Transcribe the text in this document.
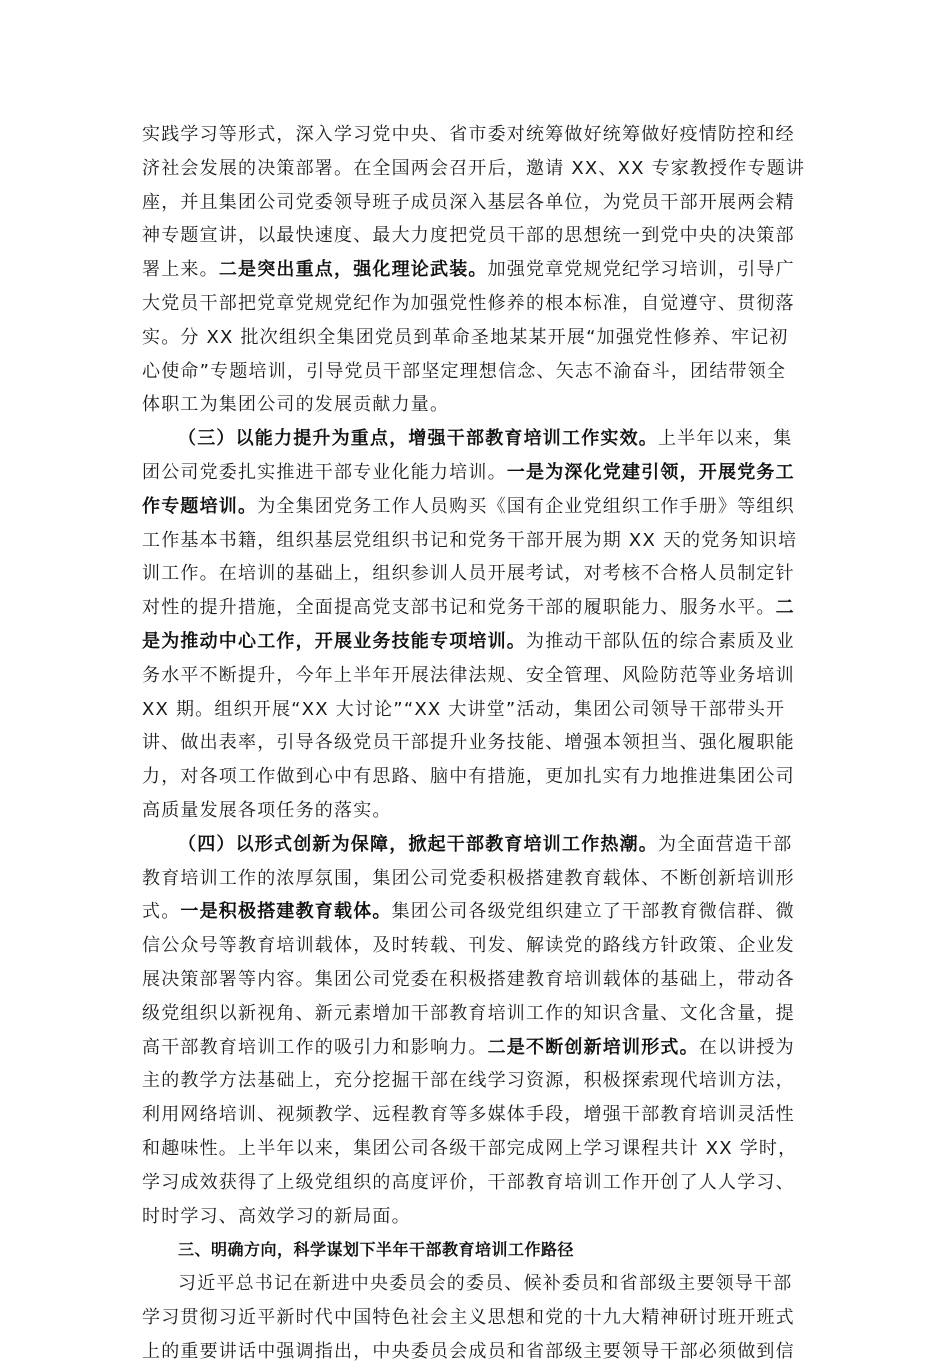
实践学习等形式，深入学习党中央、省市委对统筹做好统筹做好疫情防控和经
济社会发展的决策部署。在全国两会召开后，邀请 XX、XX 专家教授作专题讲
座，并且集团公司党委领导班子成员深入基层各单位，为党员干部开展两会精
神专题宣讲，以最快速度、最大力度把党员干部的思想统一到党中央的决策部
署上来。二是突出重点，强化理论武装。加强党章党规党纪学习培训，引导广
大党员干部把党章党规党纪作为加强党性修养的根本标准，自觉遵守、贯彻落
实。分 XX 批次组织全集团党员到革命圣地某某开展“加强党性修养、牢记初
心使命”专题培训，引导党员干部坚定理想信念、矢志不渝奋斗，团结带领全
体职工为集团公司的发展贡献力量。
（三）以能力提升为重点，增强干部教育培训工作实效。上半年以来，集
团公司党委扎实推进干部专业化能力培训。一是为深化党建引领，开展党务工
作专题培训。为全集团党务工作人员购买《国有企业党组织工作手册》等组织
工作基本书籍，组织基层党组织书记和党务干部开展为期 XX 天的党务知识培
训工作。在培训的基础上，组织参训人员开展考试，对考核不合格人员制定针
对性的提升措施，全面提高党支部书记和党务干部的履职能力、服务水平。二
是为推动中心工作，开展业务技能专项培训。为推动干部队伍的综合素质及业
务水平不断提升，今年上半年开展法律法规、安全管理、风险防范等业务培训
XX 期。组织开展“XX 大讨论”“XX 大讲堂”活动，集团公司领导干部带头开
讲、做出表率，引导各级党员干部提升业务技能、增强本领担当、强化履职能
力，对各项工作做到心中有思路、脑中有措施，更加扎实有力地推进集团公司
高质量发展各项任务的落实。
（四）以形式创新为保障，掀起干部教育培训工作热潮。为全面营造干部
教育培训工作的浓厚氛围，集团公司党委积极搭建教育载体、不断创新培训形
式。一是积极搭建教育载体。集团公司各级党组织建立了干部教育微信群、微
信公众号等教育培训载体，及时转载、刊发、解读党的路线方针政策、企业发
展决策部署等内容。集团公司党委在积极搭建教育培训载体的基础上，带动各
级党组织以新视角、新元素增加干部教育培训工作的知识含量、文化含量，提
高干部教育培训工作的吸引力和影响力。二是不断创新培训形式。在以讲授为
主的教学方法基础上，充分挖掘干部在线学习资源，积极探索现代培训方法，
利用网络培训、视频教学、远程教育等多媒体手段，增强干部教育培训灵活性
和趣味性。上半年以来，集团公司各级干部完成网上学习课程共计 XX 学时，
学习成效获得了上级党组织的高度评价，干部教育培训工作开创了人人学习、
时时学习、高效学习的新局面。
三、明确方向，科学谋划下半年干部教育培训工作路径
习近平总书记在新进中央委员会的委员、候补委员和省部级主要领导干部
学习贯彻习近平新时代中国特色社会主义思想和党的十九大精神研讨班开班式
上的重要讲话中强调指出，中央委员会成员和省部级主要领导干部必须做到信
